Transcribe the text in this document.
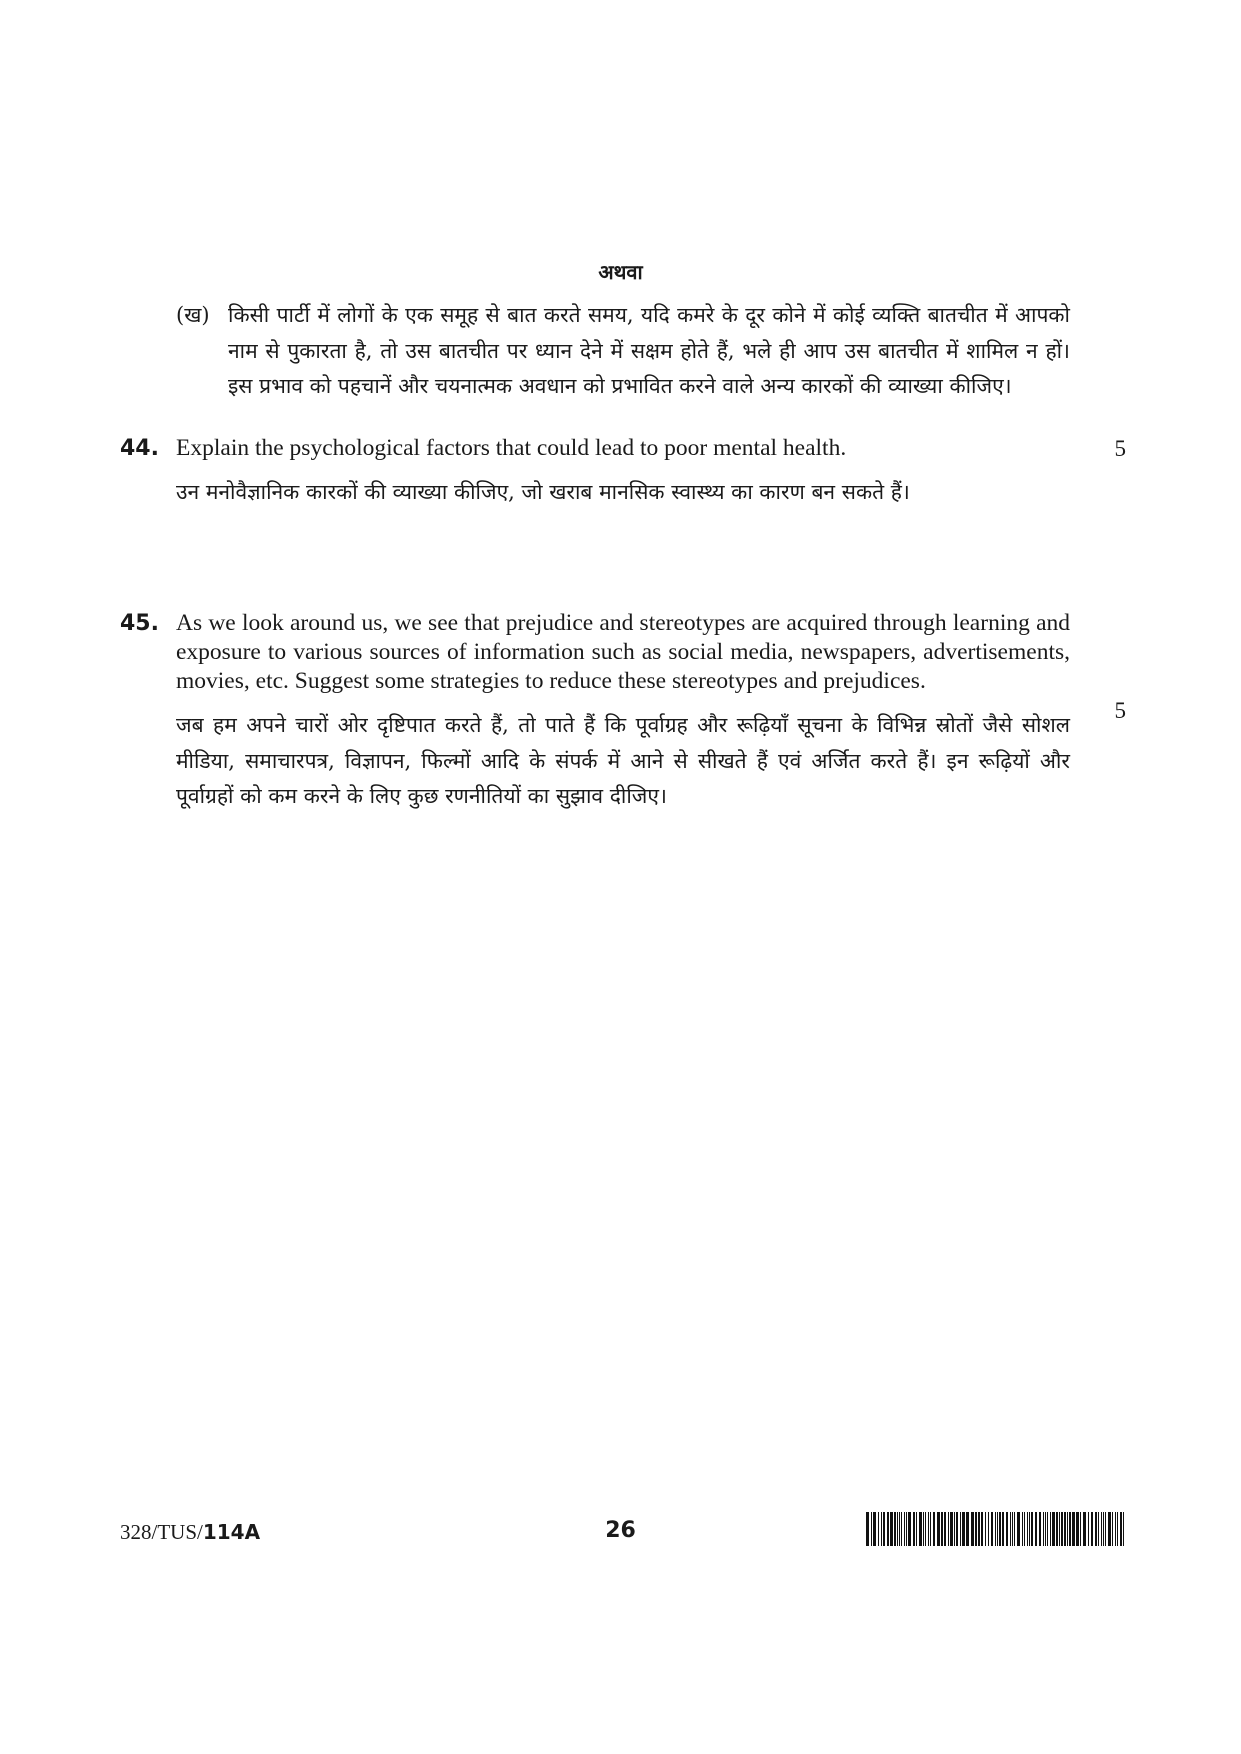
अथवा
(ख) किसी पार्टी में लोगों के एक समूह से बात करते समय, यदि कमरे के दूर कोने में कोई व्यक्ति बातचीत में आपको नाम से पुकारता है, तो उस बातचीत पर ध्यान देने में सक्षम होते हैं, भले ही आप उस बातचीत में शामिल न हों। इस प्रभाव को पहचानें और चयनात्मक अवधान को प्रभावित करने वाले अन्य कारकों की व्याख्या कीजिए।
44. Explain the psychological factors that could lead to poor mental health.
उन मनोवैज्ञानिक कारकों की व्याख्या कीजिए, जो खराब मानसिक स्वास्थ्य का कारण बन सकते हैं।
5
45. As we look around us, we see that prejudice and stereotypes are acquired through learning and exposure to various sources of information such as social media, newspapers, advertisements, movies, etc. Suggest some strategies to reduce these stereotypes and prejudices.
जब हम अपने चारों ओर दृष्टिपात करते हैं, तो पाते हैं कि पूर्वाग्रह और रूढ़ियाँ सूचना के विभिन्न स्रोतों जैसे सोशल मीडिया, समाचारपत्र, विज्ञापन, फिल्मों आदि के संपर्क में आने से सीखते हैं एवं अर्जित करते हैं। इन रूढ़ियों और पूर्वाग्रहों को कम करने के लिए कुछ रणनीतियों का सुझाव दीजिए।
5
328/TUS/114A	26
